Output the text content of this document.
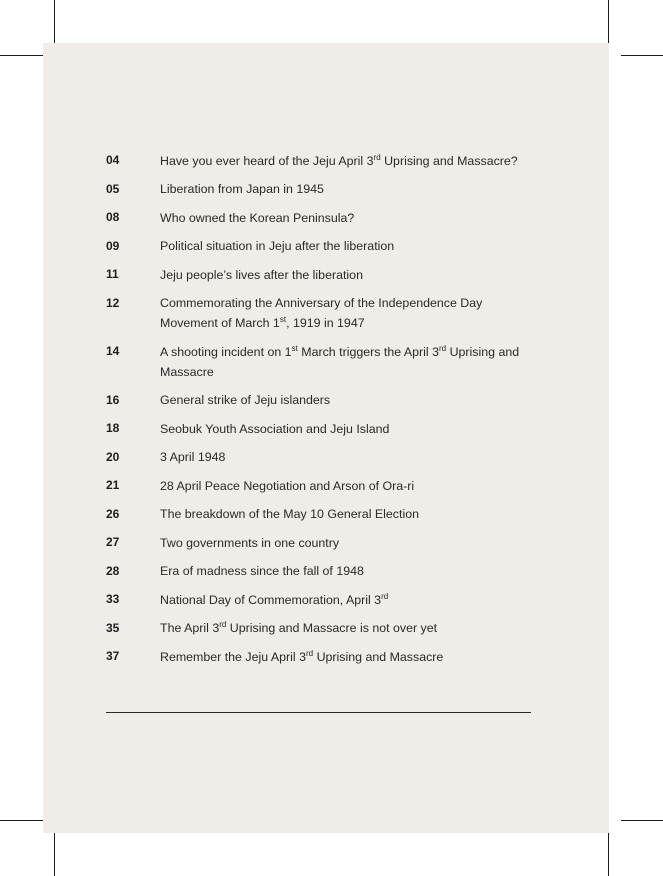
04	Have you ever heard of the Jeju April 3rd Uprising and Massacre?
05	Liberation from Japan in 1945
08	Who owned the Korean Peninsula?
09	Political situation in Jeju after the liberation
11	Jeju people’s lives after the liberation
12	Commemorating the Anniversary of the Independence Day Movement of March 1st, 1919 in 1947
14	A shooting incident on 1st March triggers the April 3rd Uprising and Massacre
16	General strike of Jeju islanders
18	Seobuk Youth Association and Jeju Island
20	3 April 1948
21	28 April Peace Negotiation and Arson of Ora-ri
26	The breakdown of the May 10 General Election
27	Two governments in one country
28	Era of madness since the fall of 1948
33	National Day of Commemoration, April 3rd
35	The April 3rd Uprising and Massacre is not over yet
37	Remember the Jeju April 3rd Uprising and Massacre
